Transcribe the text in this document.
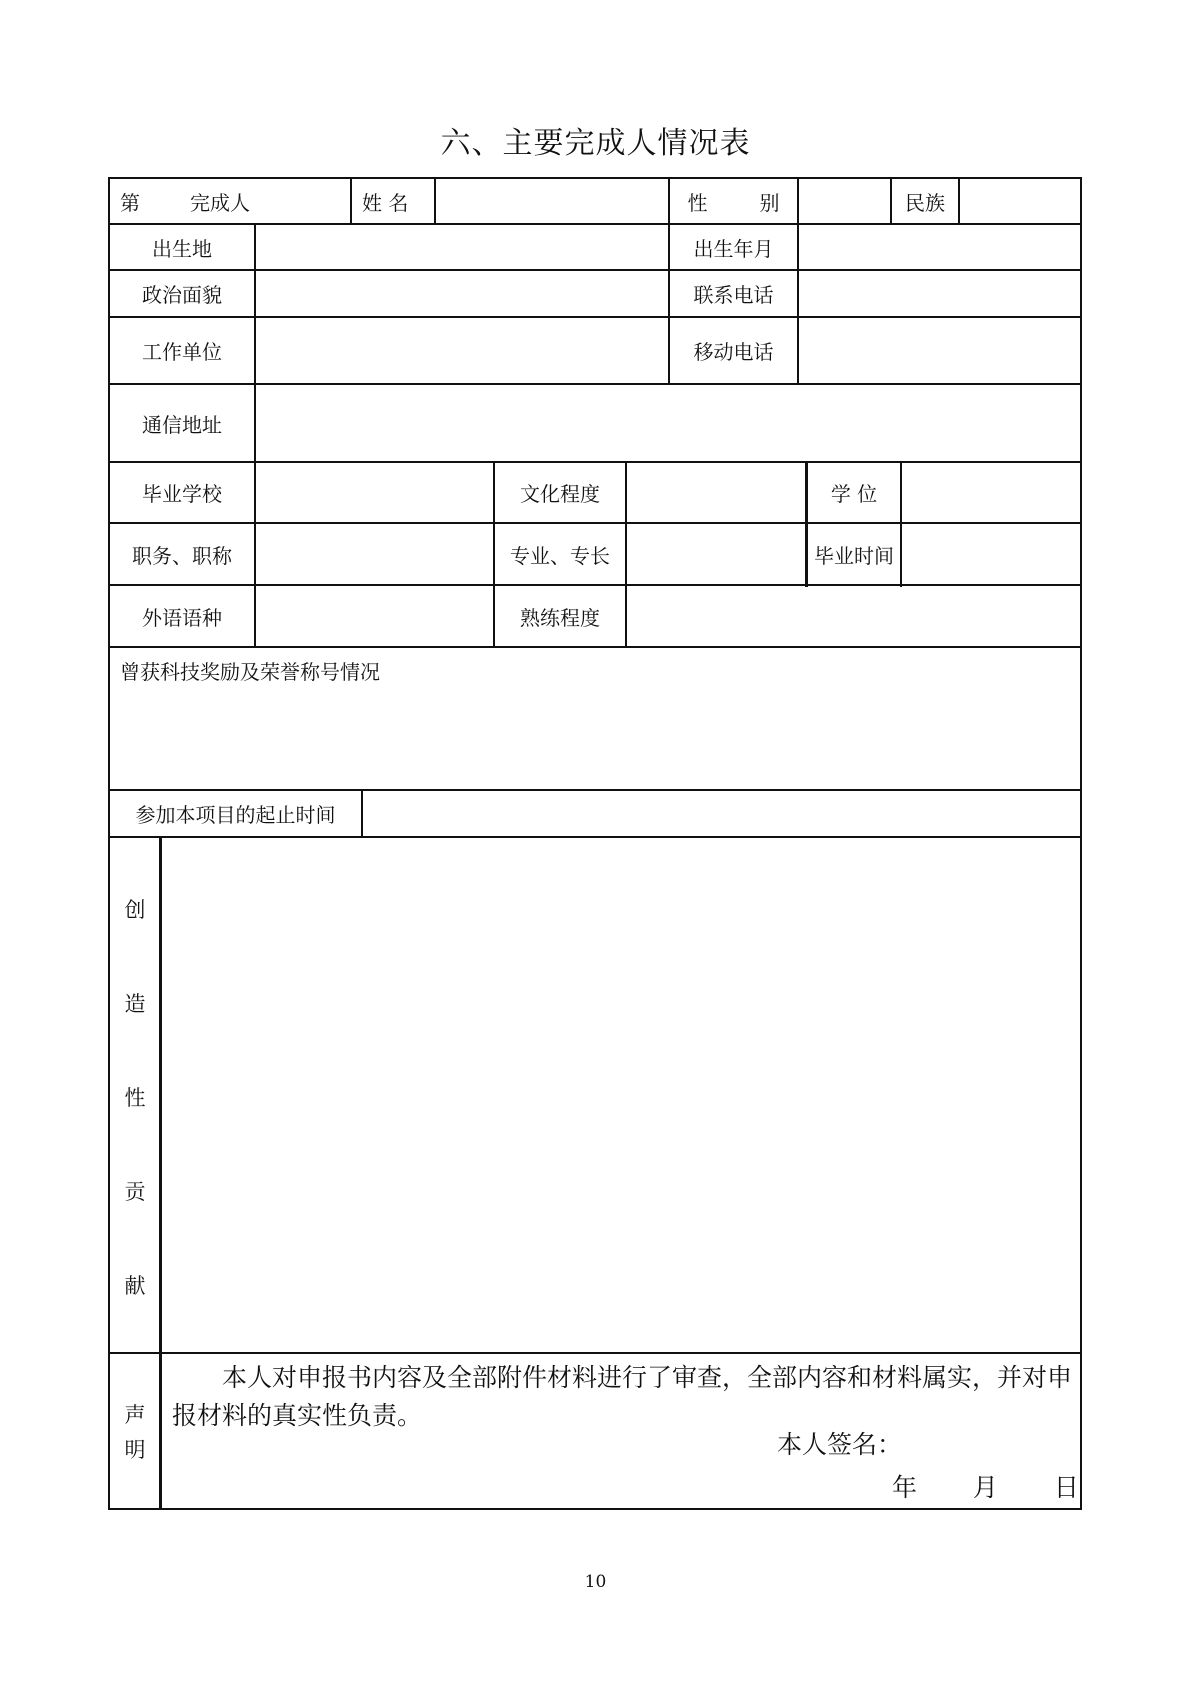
六、主要完成人情况表
第	完成人	姓 名	性	别	民族
出生地	出生年月
政治面貌	联系电话
工作单位	移动电话
通信地址
毕业学校	文化程度	学 位
职务、职称	专业、专长	毕业时间
外语语种	熟练程度
曾获科技奖励及荣誉称号情况
参加本项目的起止时间
创
造
性
贡
献
声
明
本人对申报书内容及全部附件材料进行了审查，全部内容和材料属实，并对申报材料的真实性负责。
本人签名：
年 月 日
10
